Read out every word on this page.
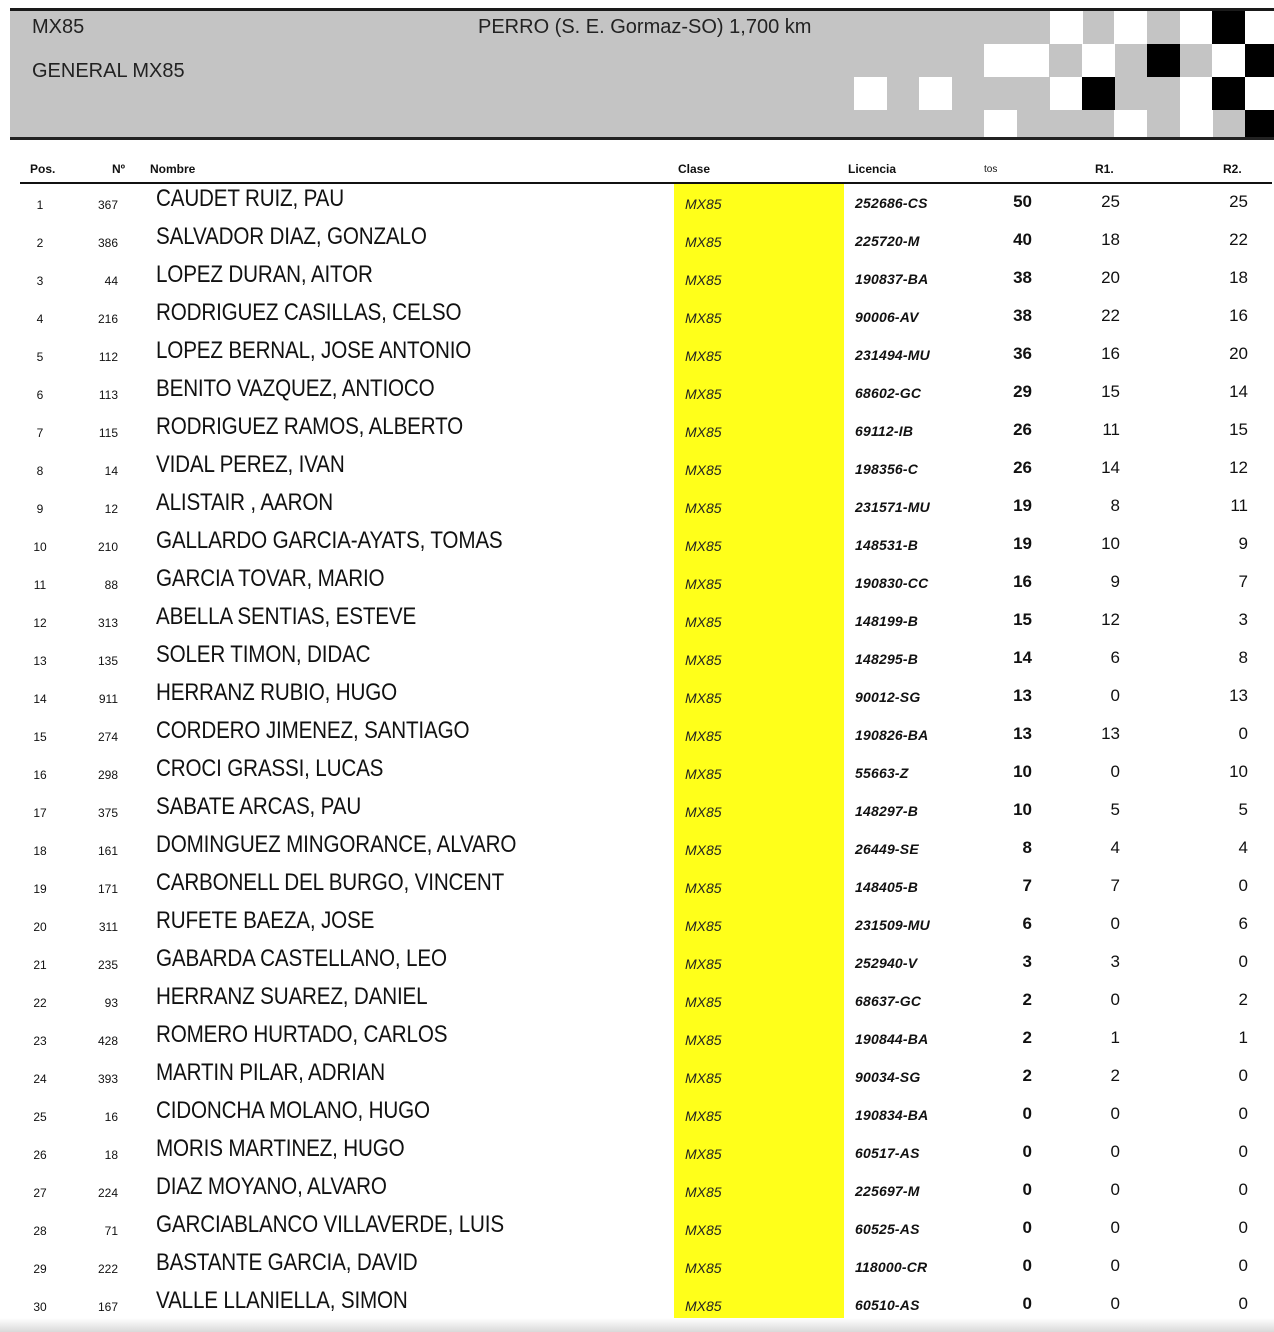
MX85
GENERAL MX85
PERRO (S. E. Gormaz-SO) 1,700 km
Pos.	Nº Nombre	Clase	Licencia	tos	R1.	R2.
1	367 CAUDET RUIZ, PAU	MX85	252686-CS	50	25	25
2	386 SALVADOR DIAZ, GONZALO	MX85	225720-M	40	18	22
3	44 LOPEZ DURAN, AITOR	MX85	190837-BA	38	20	18
4	216 RODRIGUEZ CASILLAS, CELSO	MX85	90006-AV	38	22	16
5	112 LOPEZ BERNAL, JOSE ANTONIO	MX85	231494-MU	36	16	20
6	113 BENITO VAZQUEZ, ANTIOCO	MX85	68602-GC	29	15	14
7	115 RODRIGUEZ RAMOS, ALBERTO	MX85	69112-IB	26	11	15
8	14 VIDAL PEREZ, IVAN	MX85	198356-C	26	14	12
9	12 ALISTAIR , AARON	MX85	231571-MU	19	8	11
10	210 GALLARDO GARCIA-AYATS, TOMAS	MX85	148531-B	19	10	9
11	88 GARCIA TOVAR, MARIO	MX85	190830-CC	16	9	7
12	313 ABELLA SENTIAS, ESTEVE	MX85	148199-B	15	12	3
13	135 SOLER TIMON, DIDAC	MX85	148295-B	14	6	8
14	911 HERRANZ RUBIO, HUGO	MX85	90012-SG	13	0	13
15	274 CORDERO JIMENEZ, SANTIAGO	MX85	190826-BA	13	13	0
16	298 CROCI GRASSI, LUCAS	MX85	55663-Z	10	0	10
17	375 SABATE ARCAS, PAU	MX85	148297-B	10	5	5
18	161 DOMINGUEZ MINGORANCE, ALVARO	MX85	26449-SE	8	4	4
19	171 CARBONELL DEL BURGO, VINCENT	MX85	148405-B	7	7	0
20	311 RUFETE BAEZA, JOSE	MX85	231509-MU	6	0	6
21	235 GABARDA CASTELLANO, LEO	MX85	252940-V	3	3	0
22	93 HERRANZ SUAREZ, DANIEL	MX85	68637-GC	2	0	2
23	428 ROMERO HURTADO, CARLOS	MX85	190844-BA	2	1	1
24	393 MARTIN PILAR, ADRIAN	MX85	90034-SG	2	2	0
25	16 CIDONCHA MOLANO, HUGO	MX85	190834-BA	0	0	0
26	18 MORIS MARTINEZ, HUGO	MX85	60517-AS	0	0	0
27	224 DIAZ MOYANO, ALVARO	MX85	225697-M	0	0	0
28	71 GARCIABLANCO VILLAVERDE, LUIS	MX85	60525-AS	0	0	0
29	222 BASTANTE GARCIA, DAVID	MX85	118000-CR	0	0	0
30	167 VALLE LLANIELLA, SIMON	MX85	60510-AS	0	0	0
